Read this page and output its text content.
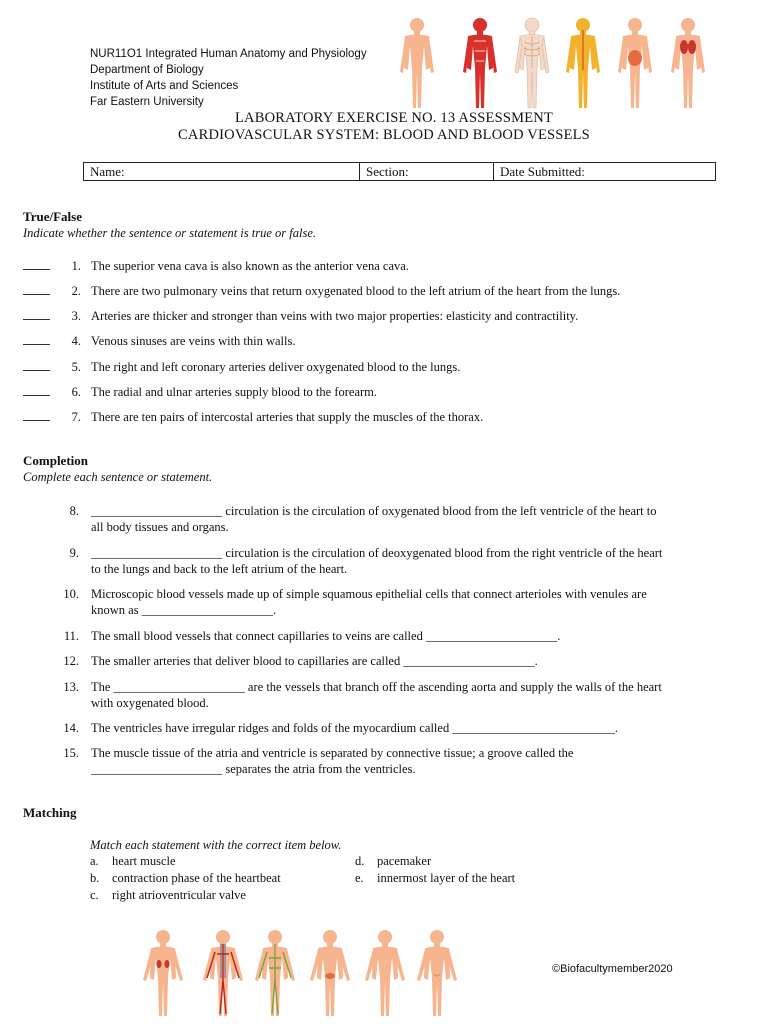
NUR11O1 Integrated Human Anatomy and Physiology
Department of Biology
Institute of Arts and Sciences
Far Eastern University
LABORATORY EXERCISE NO. 13 ASSESSMENT
CARDIOVASCULAR SYSTEM: BLOOD AND BLOOD VESSELS
Name:	Section:	Date Submitted:
True/False
Indicate whether the sentence or statement is true or false.
1. The superior vena cava is also known as the anterior vena cava.
2. There are two pulmonary veins that return oxygenated blood to the left atrium of the heart from the lungs.
3. Arteries are thicker and stronger than veins with two major properties: elasticity and contractility.
4. Venous sinuses are veins with thin walls.
5. The right and left coronary arteries deliver oxygenated blood to the lungs.
6. The radial and ulnar arteries supply blood to the forearm.
7. There are ten pairs of intercostal arteries that supply the muscles of the thorax.
Completion
Complete each sentence or statement.
8. _____________________ circulation is the circulation of oxygenated blood from the left ventricle of the heart to all body tissues and organs.
9. _____________________ circulation is the circulation of deoxygenated blood from the right ventricle of the heart to the lungs and back to the left atrium of the heart.
10. Microscopic blood vessels made up of simple squamous epithelial cells that connect arterioles with venules are known as _____________________.
11. The small blood vessels that connect capillaries to veins are called _____________________.
12. The smaller arteries that deliver blood to capillaries are called _____________________.
13. The _____________________ are the vessels that branch off the ascending aorta and supply the walls of the heart with oxygenated blood.
14. The ventricles have irregular ridges and folds of the myocardium called __________________________.
15. The muscle tissue of the atria and ventricle is separated by connective tissue; a groove called the _____________________ separates the atria from the ventricles.
Matching
Match each statement with the correct item below.
a. heart muscle
b. contraction phase of the heartbeat
c. right atrioventricular valve
d. pacemaker
e. innermost layer of the heart
©Biofacultymember2020
